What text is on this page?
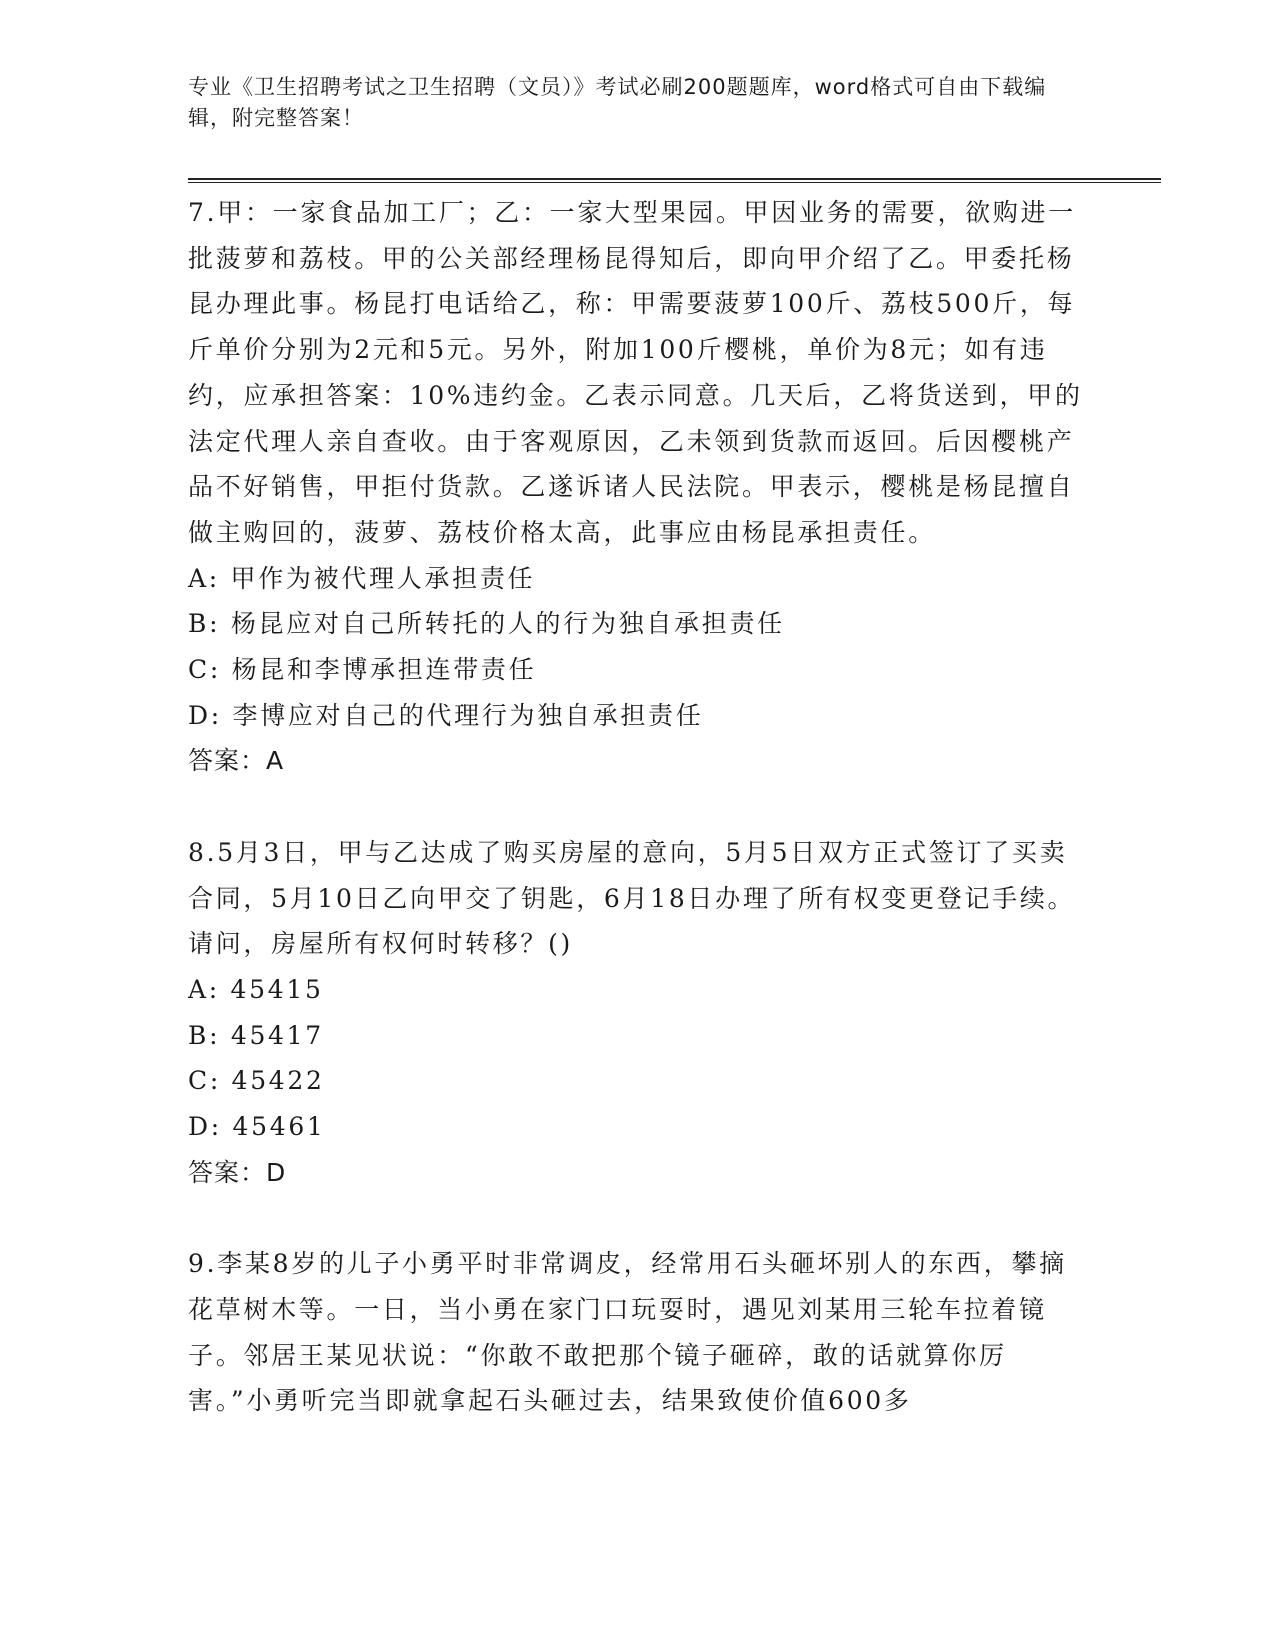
专业《卫生招聘考试之卫生招聘（文员）》考试必刷200题题库，word格式可自由下载编辑，附完整答案！

7.甲：一家食品加工厂；乙：一家大型果园。甲因业务的需要，欲购进一批菠萝和荔枝。甲的公关部经理杨昆得知后，即向甲介绍了乙。甲委托杨昆办理此事。杨昆打电话给乙，称：甲需要菠萝100斤、荔枝500斤，每斤单价分别为2元和5元。另外，附加100斤樱桃，单价为8元；如有违约，应承担答案：10%违约金。乙表示同意。几天后，乙将货送到，甲的法定代理人亲自查收。由于客观原因，乙未领到货款而返回。后因樱桃产品不好销售，甲拒付货款。乙遂诉诸人民法院。甲表示，樱桃是杨昆擅自做主购回的，菠萝、荔枝价格太高，此事应由杨昆承担责任。

A: 甲作为被代理人承担责任

B: 杨昆应对自己所转托的人的行为独自承担责任

C: 杨昆和李博承担连带责任

D: 李博应对自己的代理行为独自承担责任

答案：A

8.5月3日，甲与乙达成了购买房屋的意向，5月5日双方正式签订了买卖合同，5月10日乙向甲交了钥匙，6月18日办理了所有权变更登记手续。请问，房屋所有权何时转移？()

A: 45415

B: 45417

C: 45422

D: 45461

答案：D

9.李某8岁的儿子小勇平时非常调皮，经常用石头砸坏别人的东西，攀摘花草树木等。一日，当小勇在家门口玩耍时，遇见刘某用三轮车拉着镜子。邻居王某见状说：“你敢不敢把那个镜子砸碎，敢的话就算你厉害。”小勇听完当即就拿起石头砸过去，结果致使价值600多
